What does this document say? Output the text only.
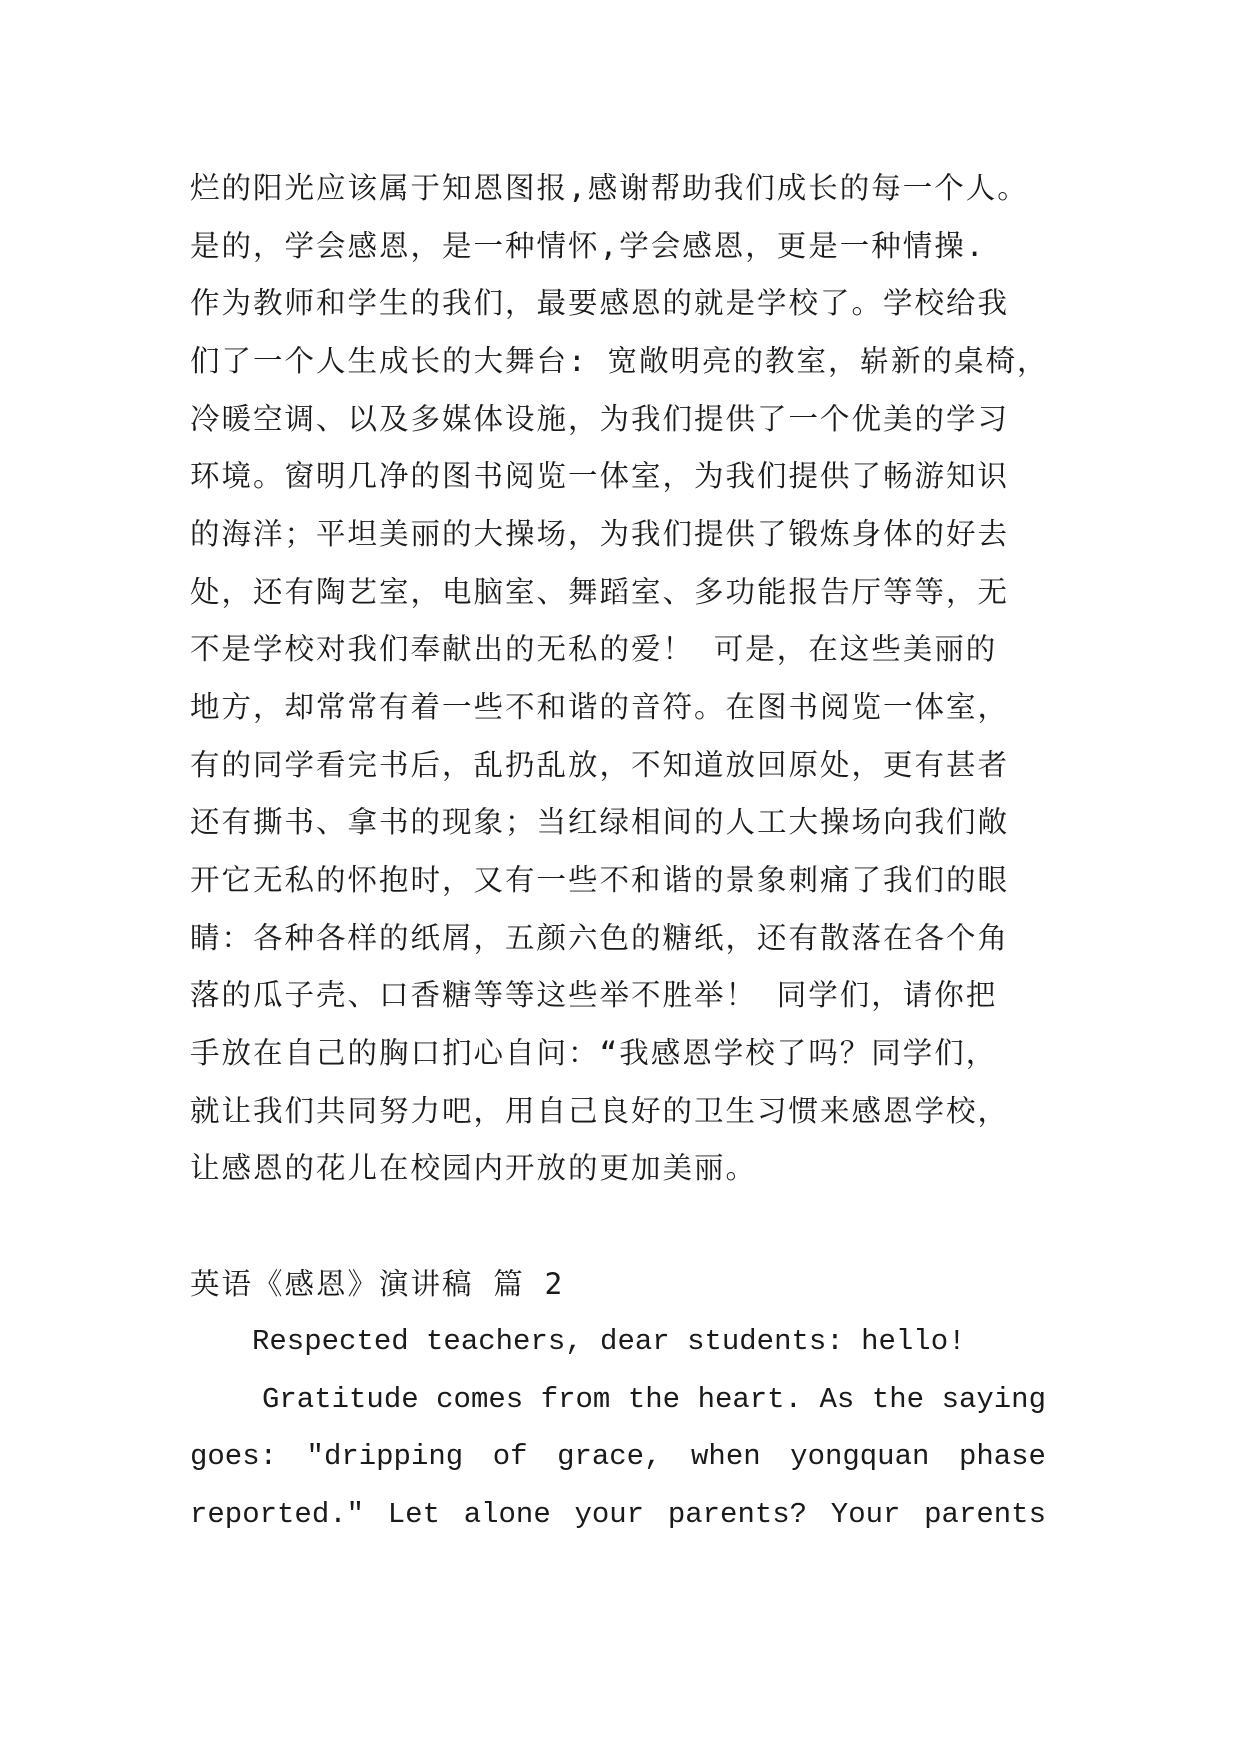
烂的阳光应该属于知恩图报,感谢帮助我们成长的每一个人。

是的，学会感恩，是一种情怀,学会感恩，更是一种情操.

作为教师和学生的我们，最要感恩的就是学校了。学校给我

们了一个人生成长的大舞台: 宽敞明亮的教室，崭新的桌椅，

冷暖空调、以及多媒体设施，为我们提供了一个优美的学习

环境。窗明几净的图书阅览一体室，为我们提供了畅游知识

的海洋；平坦美丽的大操场，为我们提供了锻炼身体的好去

处，还有陶艺室，电脑室、舞蹈室、多功能报告厅等等，无

不是学校对我们奉献出的无私的爱！ 可是，在这些美丽的

地方，却常常有着一些不和谐的音符。在图书阅览一体室，

有的同学看完书后，乱扔乱放，不知道放回原处，更有甚者

还有撕书、拿书的现象；当红绿相间的人工大操场向我们敞

开它无私的怀抱时，又有一些不和谐的景象刺痛了我们的眼

睛：各种各样的纸屑，五颜六色的糖纸，还有散落在各个角

落的瓜子壳、口香糖等等这些举不胜举！ 同学们，请你把

手放在自己的胸口扪心自问：“我感恩学校了吗？同学们，

就让我们共同努力吧，用自己良好的卫生习惯来感恩学校，

让感恩的花儿在校园内开放的更加美丽。

英语《感恩》演讲稿 篇 2

Respected teachers, dear students: hello!

Gratitude comes from the heart. As the saying
goes: "dripping of grace, when yongquan phase
reported." Let alone your parents? Your parents
